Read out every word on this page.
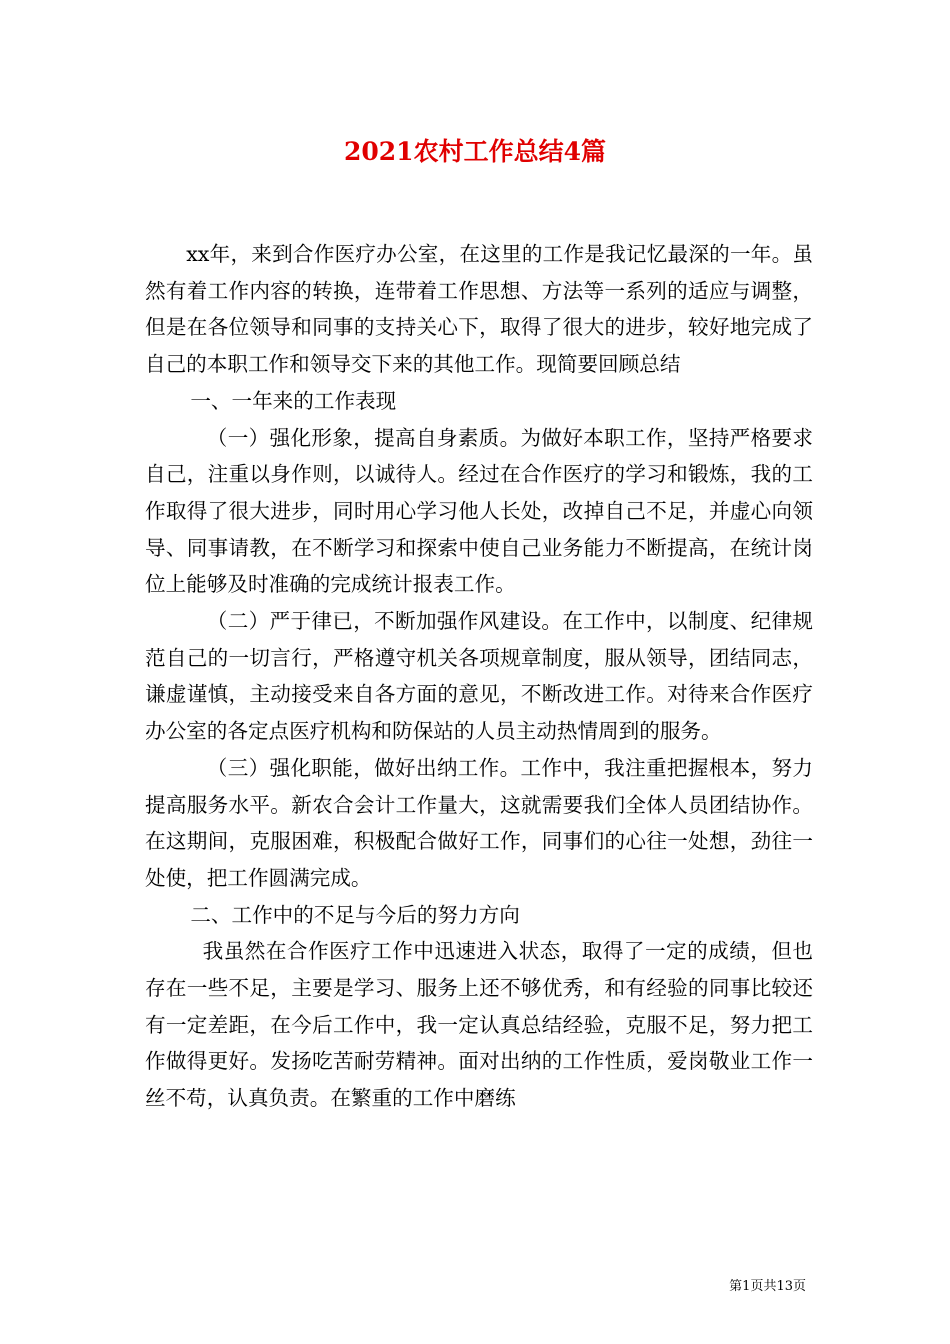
2021农村工作总结4篇

xx年，来到合作医疗办公室，在这里的工作是我记忆最深的一年。虽然有着工作内容的转换，连带着工作思想、方法等一系列的适应与调整，但是在各位领导和同事的支持关心下，取得了很大的进步，较好地完成了自己的本职工作和领导交下来的其他工作。现简要回顾总结

一、一年来的工作表现

（一）强化形象，提高自身素质。为做好本职工作，坚持严格要求自己，注重以身作则，以诚待人。经过在合作医疗的学习和锻炼，我的工作取得了很大进步，同时用心学习他人长处，改掉自己不足，并虚心向领导、同事请教，在不断学习和探索中使自己业务能力不断提高，在统计岗位上能够及时准确的完成统计报表工作。

（二）严于律已，不断加强作风建设。在工作中，以制度、纪律规范自己的一切言行，严格遵守机关各项规章制度，服从领导，团结同志，谦虚谨慎，主动接受来自各方面的意见，不断改进工作。对待来合作医疗办公室的各定点医疗机构和防保站的人员主动热情周到的服务。

（三）强化职能，做好出纳工作。工作中，我注重把握根本，努力提高服务水平。新农合会计工作量大，这就需要我们全体人员团结协作。在这期间，克服困难，积极配合做好工作，同事们的心往一处想，劲往一处使，把工作圆满完成。

二、工作中的不足与今后的努力方向

我虽然在合作医疗工作中迅速进入状态，取得了一定的成绩，但也存在一些不足，主要是学习、服务上还不够优秀，和有经验的同事比较还有一定差距，在今后工作中，我一定认真总结经验，克服不足，努力把工作做得更好。发扬吃苦耐劳精神。面对出纳的工作性质，爱岗敬业工作一丝不苟，认真负责。在繁重的工作中磨练

第1页共13页
